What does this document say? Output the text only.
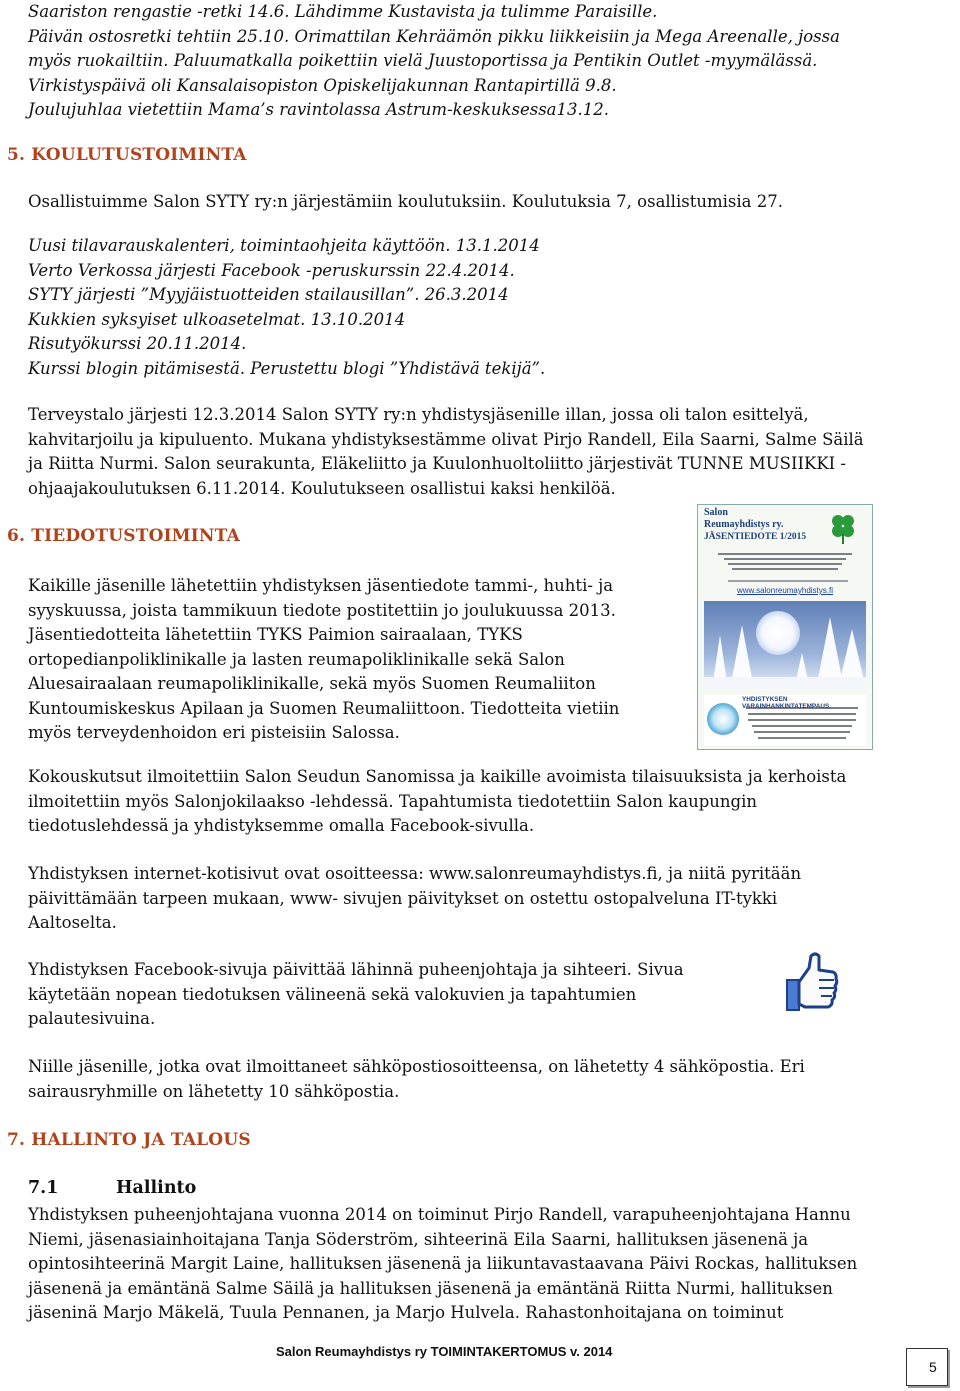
Saariston rengastie -retki 14.6. Lähdimme Kustavista ja tulimme Paraisille.
Päivän ostosretki tehtiin 25.10. Orimattilan Kehräämön pikku liikkeisiin ja Mega Areenalle, jossa
myös ruokailtiin. Paluumatkalla poikettiin vielä Juustoportissa ja Pentikin Outlet -myymälässä.
Virkistyspäivä oli Kansalaisopiston Opiskelijakunnan Rantapirtillä 9.8.
Joulujuhlaa vietettiin Mama’s ravintolassa Astrum-keskuksessa13.12.
5. KOULUTUSTOIMINTA
Osallistuimme Salon SYTY ry:n järjestämiin koulutuksiin. Koulutuksia 7, osallistumisia 27.
Uusi tilavarauskalenteri, toimintaohjeita käyttöön. 13.1.2014
Verto Verkossa järjesti Facebook -peruskurssin 22.4.2014.
SYTY järjesti ”Myyjäistuotteiden stailausillan”. 26.3.2014
Kukkien syksyiset ulkoasetelmat. 13.10.2014
Risutyökurssi 20.11.2014.
Kurssi blogin pitämisestä. Perustettu blogi ”Yhdistävä tekijä”.
Terveystalo järjesti 12.3.2014 Salon SYTY ry:n yhdistysjäsenille illan, jossa oli talon esittelyä,
kahvitarjoilu ja kipuluento. Mukana yhdistyksestämme olivat Pirjo Randell, Eila Saarni, Salme Säilä
ja Riitta Nurmi. Salon seurakunta, Eläkeliitto ja Kuulonhuoltoliitto järjestivät TUNNE MUSIIKKI -
ohjaajakoulutuksen 6.11.2014. Koulutukseen osallistui kaksi henkilöä.
6. TIEDOTUSTOIMINTA
Kaikille jäsenille lähetettiin yhdistyksen jäsentiedote tammi-, huhti- ja
syyskuussa, joista tammikuun tiedote postitettiin jo joulukuussa 2013.
Jäsentiedotteita lähetettiin TYKS Paimion sairaalaan, TYKS
ortopedianpoliklinikalle ja lasten reumapoliklinikalle sekä Salon
Aluesairaalaan reumapoliklinikalle, sekä myös Suomen Reumaliiton
Kuntoumiskeskus Apilaan ja Suomen Reumaliittoon. Tiedotteita vietiin
myös terveydenhoidon eri pisteisiin Salossa.
Salon
Reumayhdistys ry.
JÄSENTIEDOTE 1/2015
www.salonreumayhdistys.fi
YHDISTYKSEN VARAINHANKINTATEMPAUS
Kokouskutsut ilmoitettiin Salon Seudun Sanomissa ja kaikille avoimista tilaisuuksista ja kerhoista
ilmoitettiin myös Salonjokilaakso -lehdessä. Tapahtumista tiedotettiin Salon kaupungin
tiedotuslehdessä ja yhdistyksemme omalla Facebook-sivulla.
Yhdistyksen internet-kotisivut ovat osoitteessa: www.salonreumayhdistys.fi, ja niitä pyritään
päivittämään tarpeen mukaan, www- sivujen päivitykset on ostettu ostopalveluna IT-tykki
Aaltoselta.
Yhdistyksen Facebook-sivuja päivittää lähinnä puheenjohtaja ja sihteeri. Sivua
käytetään nopean tiedotuksen välineenä sekä valokuvien ja tapahtumien
palautesivuina.
Niille jäsenille, jotka ovat ilmoittaneet sähköpostiosoitteensa, on lähetetty 4 sähköpostia. Eri
sairausryhmille on lähetetty 10 sähköpostia.
7. HALLINTO JA TALOUS
7.1	Hallinto
Yhdistyksen puheenjohtajana vuonna 2014 on toiminut Pirjo Randell, varapuheenjohtajana Hannu
Niemi, jäsenasiainhoitajana Tanja Söderström, sihteerinä Eila Saarni, hallituksen jäsenenä ja
opintosihteerinä Margit Laine, hallituksen jäsenenä ja liikuntavastaavana Päivi Rockas, hallituksen
jäsenenä ja emäntänä Salme Säilä ja hallituksen jäsenenä ja emäntänä Riitta Nurmi, hallituksen
jäseninä Marjo Mäkelä, Tuula Pennanen, ja Marjo Hulvela. Rahastonhoitajana on toiminut
Salon Reumayhdistys ry TOIMINTAKERTOMUS v. 2014
5
